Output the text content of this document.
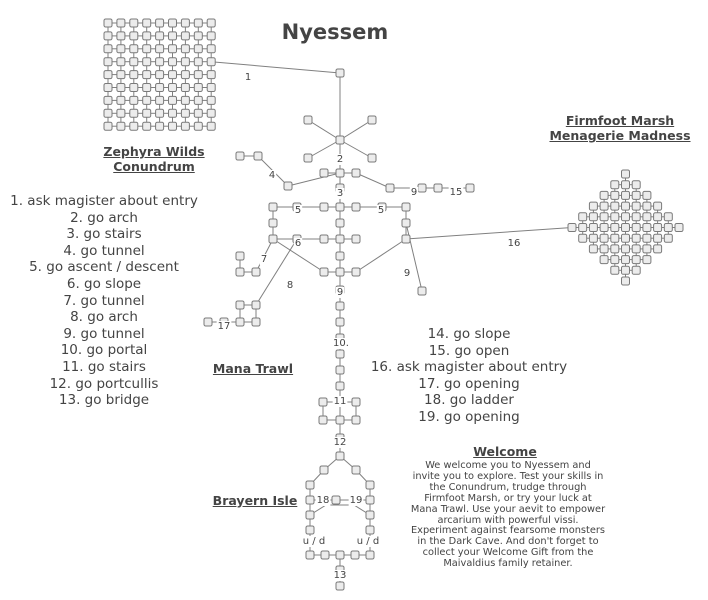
1
2
3
4
5	5
6
7
8
9
9
9
10.
11
12
13
15
16
17
18 19
u / d	u / d
Nyessem
Zephyra Wilds
Conundrum
Firmfoot Marsh
Menagerie Madness
Mana Trawl
Brayern Isle
1. ask magister about entry
2. go arch
3. go stairs
4. go tunnel
5. go ascent / descent
6. go slope
7. go tunnel
8. go arch
9. go tunnel
10. go portal
11. go stairs
12. go portcullis
13. go bridge
14. go slope
15. go open
16. ask magister about entry
17. go opening
18. go ladder
19. go opening
Welcome
We welcome you to Nyessem and invite you to explore. Test your skills in the Conundrum, trudge through Firmfoot Marsh, or try your luck at Mana Trawl. Use your aevit to empower arcarium with powerful vissi. Experiment against fearsome monsters in the Dark Cave. And don't forget to collect your Welcome Gift from the Maivaldius family retainer.
